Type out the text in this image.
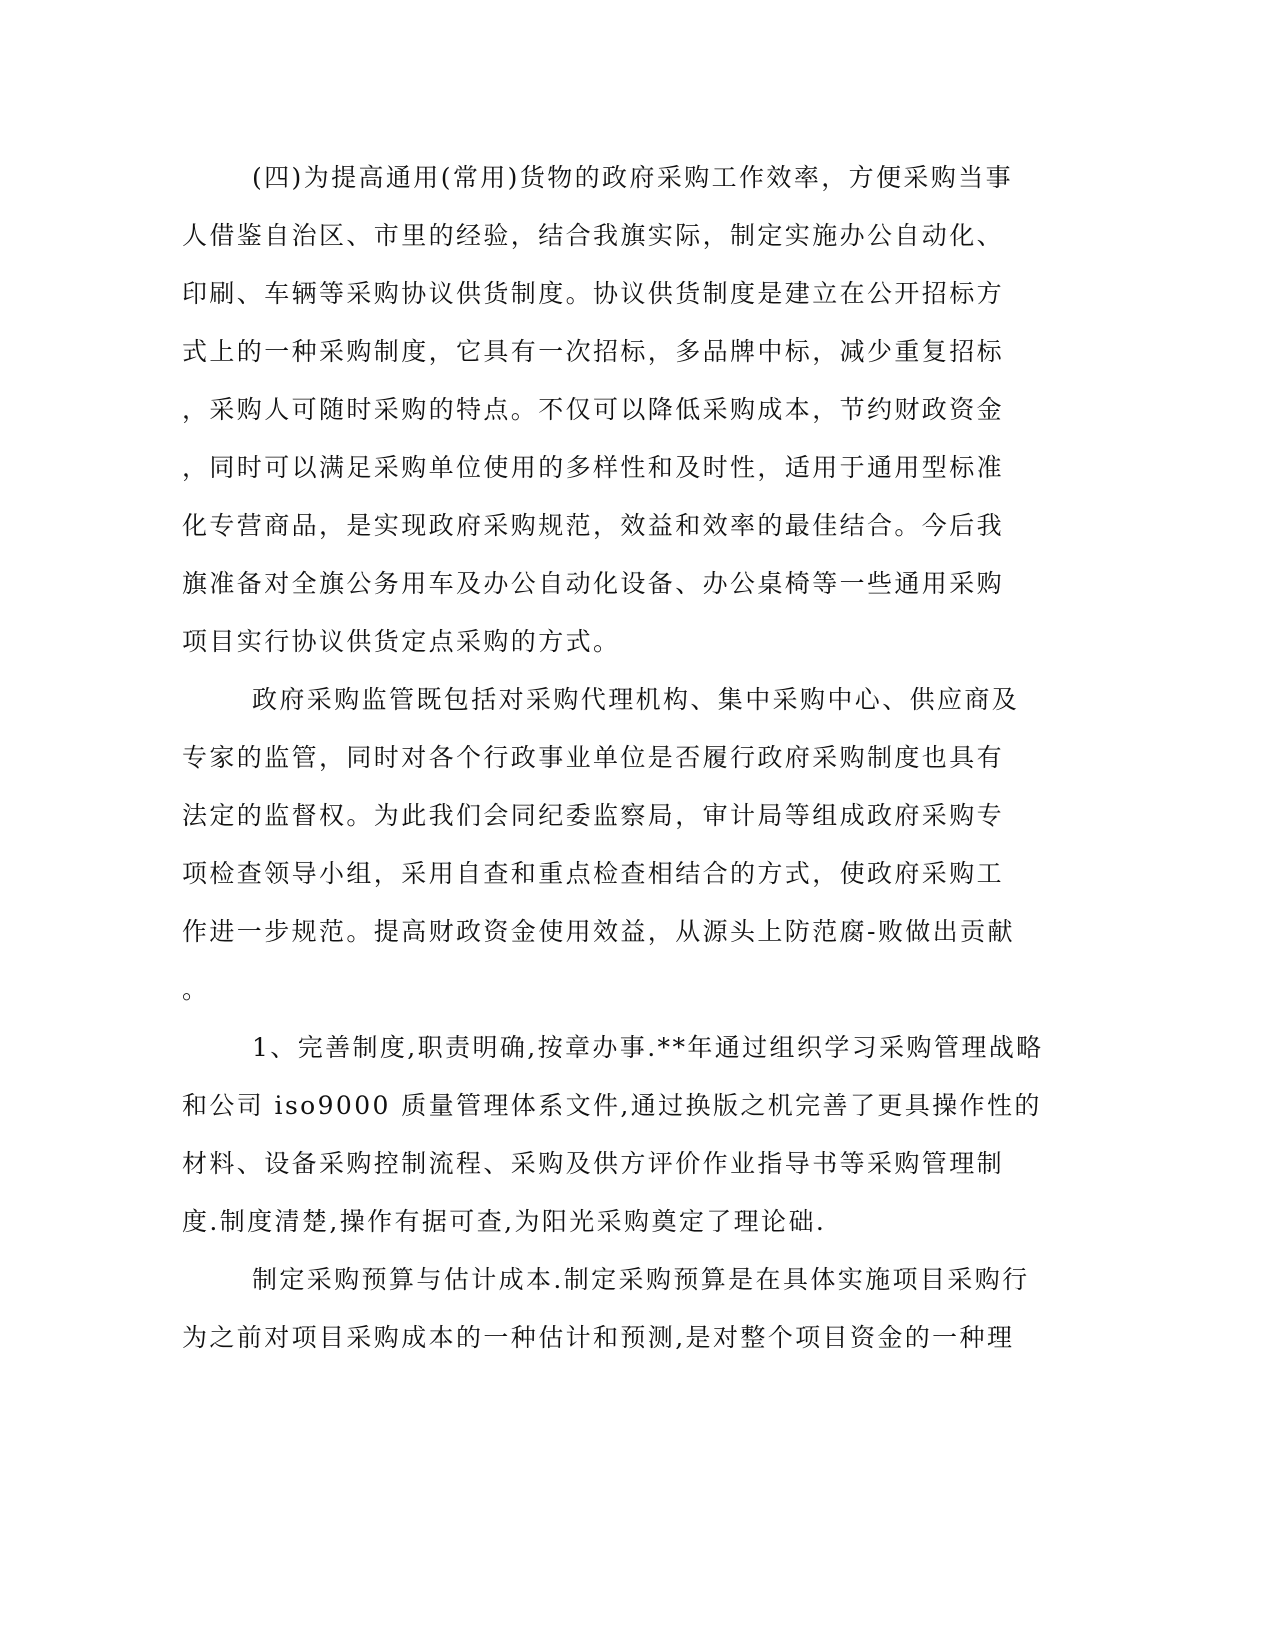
(四)为提高通用(常用)货物的政府采购工作效率，方便采购当事
人借鉴自治区、市里的经验，结合我旗实际，制定实施办公自动化、
印刷、车辆等采购协议供货制度。协议供货制度是建立在公开招标方
式上的一种采购制度，它具有一次招标，多品牌中标，减少重复招标
，采购人可随时采购的特点。不仅可以降低采购成本，节约财政资金
，同时可以满足采购单位使用的多样性和及时性，适用于通用型标准
化专营商品，是实现政府采购规范，效益和效率的最佳结合。今后我
旗准备对全旗公务用车及办公自动化设备、办公桌椅等一些通用采购
项目实行协议供货定点采购的方式。
政府采购监管既包括对采购代理机构、集中采购中心、供应商及
专家的监管，同时对各个行政事业单位是否履行政府采购制度也具有
法定的监督权。为此我们会同纪委监察局，审计局等组成政府采购专
项检查领导小组，采用自查和重点检查相结合的方式，使政府采购工
作进一步规范。提高财政资金使用效益，从源头上防范腐-败做出贡献
。
1、完善制度,职责明确,按章办事.**年通过组织学习采购管理战略
和公司 iso9000 质量管理体系文件,通过换版之机完善了更具操作性的
材料、设备采购控制流程、采购及供方评价作业指导书等采购管理制
度.制度清楚,操作有据可查,为阳光采购奠定了理论础.
制定采购预算与估计成本.制定采购预算是在具体实施项目采购行
为之前对项目采购成本的一种估计和预测,是对整个项目资金的一种理
